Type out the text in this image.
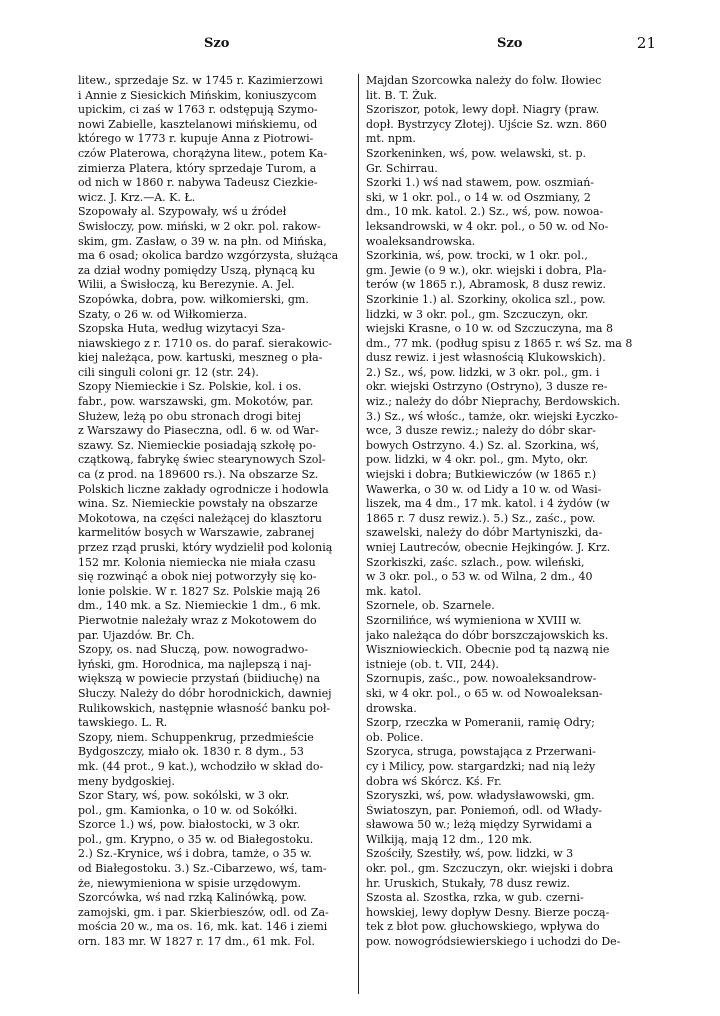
Szo	Szo	21
litew., sprzedaje Sz. w 1745 r. Kazimierzowi
i Annie z Siesickich Mińskim, koniuszycom
upickim, ci zaś w 1763 r. odstępują Szymo-
nowi Zabielle, kasztelanowi mińskiemu, od
którego w 1773 r. kupuje Anna z Piotrowi-
czów Platerowa, chorążyna litew., potem Ka-
zimierza Platera, który sprzedaje Turom, a
od nich w 1860 r. nabywa Tadeusz Ciezkie-
wicz. J. Krz.—A. K. Ł.
Szopowały al. Szypowały, wś u źródeł
Świsłoczy, pow. miński, w 2 okr. pol. rakow-
skim, gm. Zasław, o 39 w. na płn. od Mińska,
ma 6 osad; okolica bardzo wzgórzysta, służąca
za dział wodny pomiędzy Uszą, płynącą ku
Wilii, a Świsłoczą, ku Berezynie. A. Jel.
Szopówka, dobra, pow. wiłkomierski, gm.
Szaty, o 26 w. od Wiłkomierza.
Szopska Huta, według wizytacyi Sza-
niawskiego z r. 1710 os. do paraf. sierakowic-
kiej należąca, pow. kartuski, meszneg o pła-
cili singuli coloni gr. 12 (str. 24).
Szopy Niemieckie i Sz. Polskie, kol. i os.
fabr., pow. warszawski, gm. Mokotów, par.
Służew, leżą po obu stronach drogi bitej
z Warszawy do Piaseczna, odl. 6 w. od War-
szawy. Sz. Niemieckie posiadają szkołę po-
czątkową, fabrykę świec stearynowych Szol-
ca (z prod. na 189600 rs.). Na obszarze Sz.
Polskich liczne zakłady ogrodnicze i hodowla
wina. Sz. Niemieckie powstały na obszarze
Mokotowa, na części należącej do klasztoru
karmelitów bosych w Warszawie, zabranej
przez rząd pruski, który wydzielił pod kolonią
152 mr. Kolonia niemiecka nie miała czasu
się rozwinąć a obok niej potworzyły się ko-
lonie polskie. W r. 1827 Sz. Polskie mają 26
dm., 140 mk. a Sz. Niemieckie 1 dm., 6 mk.
Pierwotnie należały wraz z Mokotowem do
par. Ujazdów. Br. Ch.
Szopy, os. nad Słuczą, pow. nowogradwo-
łyński, gm. Horodnica, ma najlepszą i naj-
większą w powiecie przystań (biidiuchę) na
Słuczy. Należy do dóbr horodnickich, dawniej
Rulikowskich, następnie własność banku poł-
tawskiego. L. R.
Szopy, niem. Schuppenkrug, przedmieście
Bydgoszczy, miało ok. 1830 r. 8 dym., 53
mk. (44 prot., 9 kat.), wchodziło w skład do-
meny bydgoskiej.
Szor Stary, wś, pow. sokólski, w 3 okr.
pol., gm. Kamionka, o 10 w. od Sokółki.
Szorce 1.) wś, pow. białostocki, w 3 okr.
pol., gm. Krypno, o 35 w. od Białegostoku.
2.) Sz.-Krynice, wś i dobra, tamże, o 35 w.
od Białegostoku. 3.) Sz.-Cibarzewo, wś, tam-
że, niewymieniona w spisie urzędowym.
Szorcówka, wś nad rzką Kalinówką, pow.
zamojski, gm. i par. Skierbieszów, odl. od Za-
mościa 20 w., ma os. 16, mk. kat. 146 i ziemi
orn. 183 mr. W 1827 r. 17 dm., 61 mk. Fol.
Majdan Szorcowka należy do folw. Iłowiec
lit. B. T. Żuk.
Szoriszor, potok, lewy dopł. Niagry (praw.
dopł. Bystrzycy Złotej). Ujście Sz. wzn. 860
mt. npm.
Szorkeninken, wś, pow. welawski, st. p.
Gr. Schirrau.
Szorki 1.) wś nad stawem, pow. oszmiań-
ski, w 1 okr. pol., o 14 w. od Oszmiany, 2
dm., 10 mk. katol. 2.) Sz., wś, pow. nowoa-
leksandrowski, w 4 okr. pol., o 50 w. od No-
woaleksandrowska.
Szorkinia, wś, pow. trocki, w 1 okr. pol.,
gm. Jewie (o 9 w.), okr. wiejski i dobra, Pla-
terów (w 1865 r.), Abramosk, 8 dusz rewiz.
Szorkinie 1.) al. Szorkiny, okolica szl., pow.
lidzki, w 3 okr. pol., gm. Szczuczyn, okr.
wiejski Krasne, o 10 w. od Szczuczyna, ma 8
dm., 77 mk. (podług spisu z 1865 r. wś Sz. ma 8
dusz rewiz. i jest własnością Klukowskich).
2.) Sz., wś, pow. lidzki, w 3 okr. pol., gm. i
okr. wiejski Ostrzyno (Ostryno), 3 dusze re-
wiz.; należy do dóbr Nieprachy, Berdowskich.
3.) Sz., wś włośc., tamże, okr. wiejski Łyczko-
wce, 3 dusze rewiz.; należy do dóbr skar-
bowych Ostrzyno. 4.) Sz. al. Szorkina, wś,
pow. lidzki, w 4 okr. pol., gm. Myto, okr.
wiejski i dobra; Butkiewiczów (w 1865 r.)
Wawerka, o 30 w. od Lidy a 10 w. od Wasi-
liszek, ma 4 dm., 17 mk. katol. i 4 żydów (w
1865 r. 7 dusz rewiz.). 5.) Sz., zaśc., pow.
szawelski, należy do dóbr Martyniszki, da-
wniej Lautreców, obecnie Hejkingów. J. Krz.
Szorkiszki, zaśc. szlach., pow. wileński,
w 3 okr. pol., o 53 w. od Wilna, 2 dm., 40
mk. katol.
Szornele, ob. Szarnele.
Szornilińce, wś wymieniona w XVIII w.
jako należąca do dóbr borszczajowskich ks.
Wiszniowieckich. Obecnie pod tą nazwą nie
istnieje (ob. t. VII, 244).
Szornupis, zaśc., pow. nowoaleksandrow-
ski, w 4 okr. pol., o 65 w. od Nowoaleksan-
drowska.
Szorp, rzeczka w Pomeranii, ramię Odry;
ob. Police.
Szoryca, struga, powstająca z Przerwani-
cy i Milicy, pow. stargardzki; nad nią leży
dobra wś Skórcz. Kś. Fr.
Szoryszki, wś, pow. władysławowski, gm.
Światoszyn, par. Poniemoń, odl. od Włady-
sławowa 50 w.; leżą między Syrwidami a
Wilkiją, mają 12 dm., 120 mk.
Szościły, Szestiły, wś, pow. lidzki, w 3
okr. pol., gm. Szczuczyn, okr. wiejski i dobra
hr. Uruskich, Stukały, 78 dusz rewiz.
Szosta al. Szostka, rzka, w gub. czerni-
howskiej, lewy dopływ Desny. Bierze począ-
tek z błot pow. głuchowskiego, wpływa do
pow. nowogródsiewierskiego i uchodzi do De-
